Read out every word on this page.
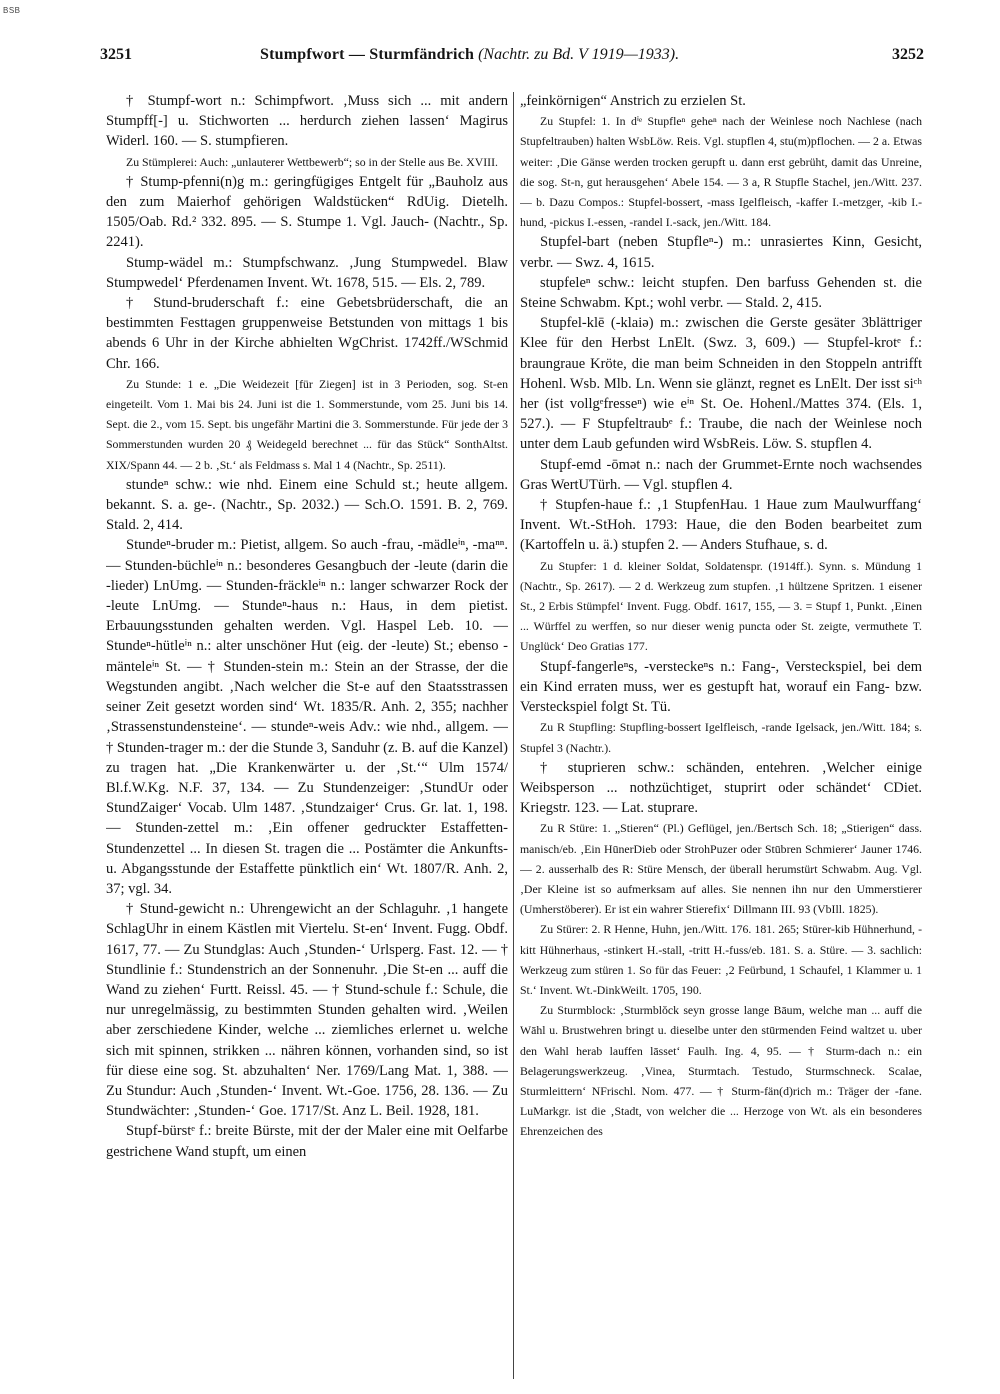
BSB
3251	Stumpfwort — Sturmfändrich (Nachtr. zu Bd. V 1919—1933).	3252

† Stumpf-wort n.: Schimpfwort. ‚Muss sich ... mit andern Stumpff[-] u. Stichworten ... herdurch ziehen lassen‘ Magirus Widerl. 160. — S. stumpfieren.

Zu Stümplerei: Auch: „unlauterer Wettbewerb“; so in der Stelle aus Be. XVIII.

† Stump-pfenni(n)g m.: geringfügiges Entgelt für „Bauholz aus den zum Maierhof gehörigen Waldstücken“ RdUig. Dietelh. 1505/Oab. Rd.² 332. 895. — S. Stumpe 1. Vgl. Jauch- (Nachtr., Sp. 2241).

Stump-wädel m.: Stumpfschwanz. ‚Jung Stumpwedel. Blaw Stumpwedel‘ Pferdenamen Invent. Wt. 1678, 515. — Els. 2, 789.

† Stund-bruderschaft f.: eine Gebetsbrüderschaft, die an bestimmten Festtagen gruppenweise Betstunden von mittags 1 bis abends 6 Uhr in der Kirche abhielten WgChrist. 1742ff./WSchmid Chr. 166.

Zu Stunde: 1 e. „Die Weidezeit [für Ziegen] ist in 3 Perioden, sog. St-en eingeteilt. Vom 1. Mai bis 24. Juni ist die 1. Sommerstunde, vom 25. Juni bis 14. Sept. die 2., vom 15. Sept. bis ungefähr Martini die 3. Sommerstunde. Für jede der 3 Sommerstunden wurden 20 ₰ Weidegeld berechnet ... für das Stück“ SonthAltst. XIX/Spann 44. — 2 b. ‚St.‘ als Feldmass s. Mal 1 4 (Nachtr., Sp. 2511).

stundeⁿ schw.: wie nhd. Einem eine Schuld st.; heute allgem. bekannt. S. a. ge-. (Nachtr., Sp. 2032.) — Sch.O. 1591. B. 2, 769. Stald. 2, 414.

Stundeⁿ-bruder m.: Pietist, allgem. So auch -frau, -mädleⁱⁿ, -maⁿⁿ. — Stunden-büchleⁱⁿ n.: besonderes Gesangbuch der -leute (darin die -lieder) LnUmg. — Stunden-fräckleⁱⁿ n.: langer schwarzer Rock der -leute LnUmg. — Stundeⁿ-haus n.: Haus, in dem pietist. Erbauungsstunden gehalten werden. Vgl. Haspel Leb. 10. — Stundeⁿ-hütleⁱⁿ n.: alter unschöner Hut (eig. der -leute) St.; ebenso -mänteleⁱⁿ St. — † Stunden-stein m.: Stein an der Strasse, der die Wegstunden angibt. ‚Nach welcher die St-e auf den Staatsstrassen seiner Zeit gesetzt worden sind‘ Wt. 1835/R. Anh. 2, 355; nachher ‚Strassenstundensteine‘. — stundeⁿ-weis Adv.: wie nhd., allgem. — † Stunden-trager m.: der die Stunde 3, Sanduhr (z. B. auf die Kanzel) zu tragen hat. „Die Krankenwärter u. der ‚St.‘“ Ulm 1574/ Bl.f.W.Kg. N.F. 37, 134. — Zu Stundenzeiger: ‚StundUr oder StundZaiger‘ Vocab. Ulm 1487. ‚Stundzaiger‘ Crus. Gr. lat. 1, 198. — Stunden-zettel m.: ‚Ein offener gedruckter Estaffetten-Stundenzettel ... In diesen St. tragen die ... Postämter die Ankunfts- u. Abgangsstunde der Estaffette pünktlich ein‘ Wt. 1807/R. Anh. 2, 37; vgl. 34.

† Stund-gewicht n.: Uhrengewicht an der Schlaguhr. ‚1 hangete SchlagUhr in einem Kästlen mit Viertelu. St-en‘ Invent. Fugg. Obdf. 1617, 77. — Zu Stundglas: Auch ‚Stunden-‘ Urlsperg. Fast. 12. — † Stundlinie f.: Stundenstrich an der Sonnenuhr. ‚Die St-en ... auff die Wand zu ziehen‘ Furtt. Reissl. 45. — † Stund-schule f.: Schule, die nur unregelmässig, zu bestimmten Stunden gehalten wird. ‚Weilen aber zerschiedene Kinder, welche ... ziemliches erlernet u. welche sich mit spinnen, strikken ... nähren können, vorhanden sind, so ist für diese eine sog. St. abzuhalten‘ Ner. 1769/Lang Mat. 1, 388. — Zu Stundur: Auch ‚Stunden-‘ Invent. Wt.-Goe. 1756, 28. 136. — Zu Stundwächter: ‚Stunden-‘ Goe. 1717/St. Anz L. Beil. 1928, 181.

Stupf-bürstᵉ f.: breite Bürste, mit der der Maler eine mit Oelfarbe gestrichene Wand stupft, um einen

„feinkörnigen“ Anstrich zu erzielen St.

Zu Stupfel: 1. In dⁱᵉ Stupfleⁿ geheⁿ nach der Weinlese noch Nachlese (nach Stupfeltrauben) halten WsbLöw. Reis. Vgl. stupflen 4, stu(m)pflochen. — 2 a. Etwas weiter: ‚Die Gänse werden trocken gerupft u. dann erst gebrüht, damit das Unreine, die sog. St-n, gut herausgehen‘ Abele 154. — 3 a, R Stupfle Stachel, jen./Witt. 237. — b. Dazu Compos.: Stupfel-bossert, -mass Igelfleisch, -kaffer I.-metzger, -kib I.-hund, -pickus I.-essen, -randel I.-sack, jen./Witt. 184.

Stupfel-bart (neben Stupfleⁿ-) m.: unrasiertes Kinn, Gesicht, verbr. — Swz. 4, 1615.

stupfeleⁿ schw.: leicht stupfen. Den barfuss Gehenden st. die Steine Schwabm. Kpt.; wohl verbr. — Stald. 2, 415.

Stupfel-klē (-klaiə) m.: zwischen die Gerste gesäter 3blättriger Klee für den Herbst LnElt. (Swz. 3, 609.) — Stupfel-krotᵉ f.: braungraue Kröte, die man beim Schneiden in den Stoppeln antrifft Hohenl. Wsb. Mlb. Ln. Wenn sie glänzt, regnet es LnElt. Der isst siᶜʰ her (ist vollgᵉfresseⁿ) wie eⁱⁿ St. Oe. Hohenl./Mattes 374. (Els. 1, 527.). — F Stupfeltraubᵉ f.: Traube, die nach der Weinlese noch unter dem Laub gefunden wird WsbReis. Löw. S. stupflen 4.

Stupf-emd -ōmət n.: nach der Grummet-Ernte noch wachsendes Gras WertUTürh. — Vgl. stupflen 4.

† Stupfen-haue f.: ‚1 StupfenHau. 1 Haue zum Maulwurffang‘ Invent. Wt.-StHoh. 1793: Haue, die den Boden bearbeitet zum (Kartoffeln u. ä.) stupfen 2. — Anders Stufhaue, s. d.

Zu Stupfer: 1 d. kleiner Soldat, Soldatenspr. (1914ff.). Synn. s. Mündung 1 (Nachtr., Sp. 2617). — 2 d. Werkzeug zum stupfen. ‚1 hültzene Spritzen. 1 eisener St., 2 Erbis Stümpfel‘ Invent. Fugg. Obdf. 1617, 155, — 3. = Stupf 1, Punkt. ‚Einen ... Würffel zu werffen, so nur dieser wenig puncta oder St. zeigte, vermuthete T. Unglück‘ Deo Gratias 177.

Stupf-fangerleⁿs, -versteckeⁿs n.: Fang-, Versteckspiel, bei dem ein Kind erraten muss, wer es gestupft hat, worauf ein Fang- bzw. Versteckspiel folgt St. Tü.

Zu R Stupfling: Stupfling-bossert Igelfleisch, -rande Igelsack, jen./Witt. 184; s. Stupfel 3 (Nachtr.).

† stuprieren schw.: schänden, entehren. ‚Welcher einige Weibsperson ... nothzüchtiget, stuprirt oder schändet‘ CDiet. Kriegstr. 123. — Lat. stuprare.

Zu R Stüre: 1. „Stieren“ (Pl.) Geflügel, jen./Bertsch Sch. 18; „Stierigen“ dass. manisch/eb. ‚Ein HūnerDieb oder StrohPuzer oder Stūbren Schmierer‘ Jauner 1746. — 2. ausserhalb des R: Stüre Mensch, der überall herumstürt Schwabm. Aug. Vgl. ‚Der Kleine ist so aufmerksam auf alles. Sie nennen ihn nur den Ummerstierer (Umherstöberer). Er ist ein wahrer Stierefix‘ Dillmann III. 93 (VbIll. 1825).

Zu Stürer: 2. R Henne, Huhn, jen./Witt. 176. 181. 265; Stürer-kib Hühnerhund, -kitt Hühnerhaus, -stinkert H.-stall, -tritt H.-fuss/eb. 181. S. a. Stüre. — 3. sachlich: Werkzeug zum stüren 1. So für das Feuer: ‚2 Feürbund, 1 Schaufel, 1 Klammer u. 1 St.‘ Invent. Wt.-DinkWeilt. 1705, 190.

Zu Sturmblock: ‚Sturmblŏck seyn grosse lange Bāum, welche man ... auff die Wāhl u. Brustwehren bringt u. dieselbe unter den stūrmenden Feind waltzet u. uber den Wahl herab lauffen lāsset‘ Faulh. Ing. 4, 95. — † Sturm-dach n.: ein Belagerungswerkzeug. ‚Vinea, Sturmtach. Testudo, Sturmschneck. Scalae, Sturmleittern‘ NFrischl. Nom. 477. — † Sturm-fän(d)rich m.: Träger der -fane. LuMarkgr. ist die ‚Stadt, von welcher die ... Herzoge von Wt. als ein besonderes Ehrenzeichen des
